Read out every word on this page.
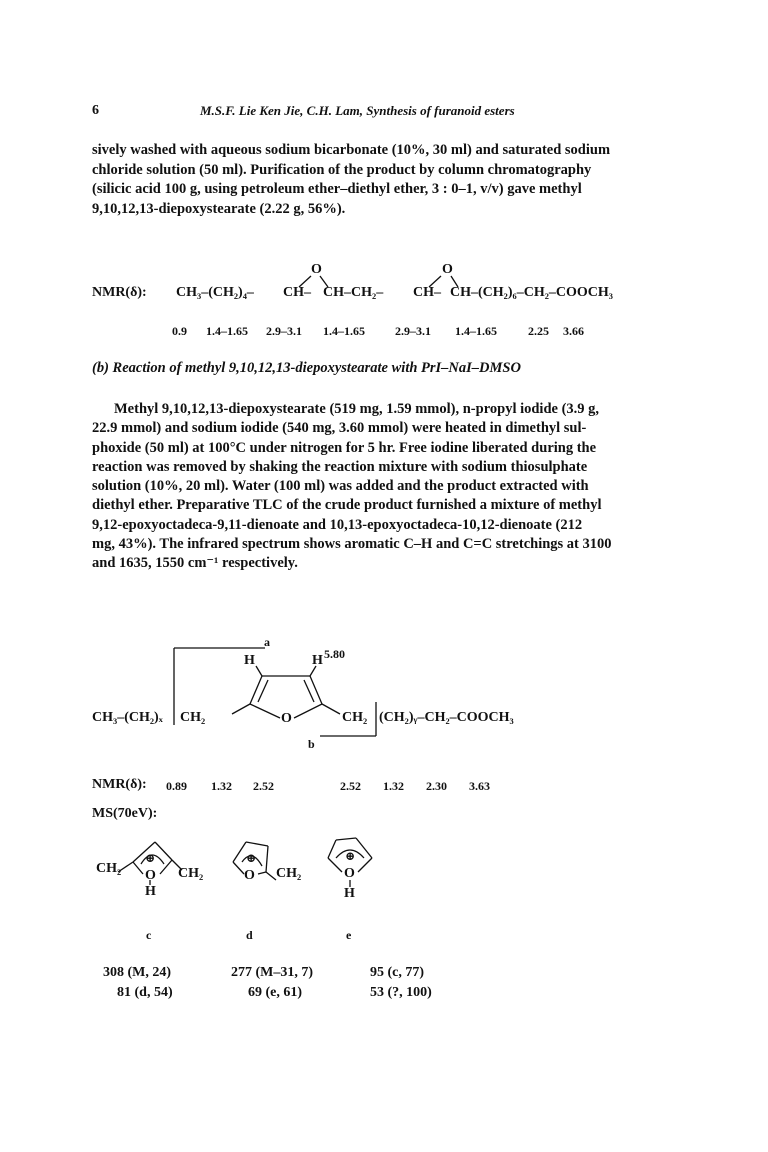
6	M.S.F. Lie Ken Jie, C.H. Lam, Synthesis of furanoid esters
sively washed with aqueous sodium bicarbonate (10%, 30 ml) and saturated sodium
chloride solution (50 ml). Purification of the product by column chromatography
(silicic acid 100 g, using petroleum ether–diethyl ether, 3 : 0–1, v/v) gave methyl
9,10,12,13-diepoxystearate (2.22 g, 56%).
NMR(δ): CH₃–(CH₂)₄– CH– CH–CH₂– CH– CH–(CH₂)₆–CH₂–COOCH₃
O	O
0.9 1.4–1.65 2.9–3.1 1.4–1.65	2.9–3.1 1.4–1.65	2.25 3.66
(b) Reaction of methyl 9,10,12,13-diepoxystearate with PrI–NaI–DMSO
Methyl 9,10,12,13-diepoxystearate (519 mg, 1.59 mmol), n-propyl iodide (3.9 g,
22.9 mmol) and sodium iodide (540 mg, 3.60 mmol) were heated in dimethyl sul-
phoxide (50 ml) at 100°C under nitrogen for 5 hr. Free iodine liberated during the
reaction was removed by shaking the reaction mixture with sodium thiosulphate
solution (10%, 20 ml). Water (100 ml) was added and the product extracted with
diethyl ether. Preparative TLC of the crude product furnished a mixture of methyl
9,12-epoxyoctadeca-9,11-dienoate and 10,13-epoxyoctadeca-10,12-dienoate (212
mg, 43%). The infrared spectrum shows aromatic C–H and C=C stretchings at 3100
and 1635, 1550 cm⁻¹ respectively.
a
b
H	H 5.80
O
CH₃–(CH₂)ₓ CH₂	CH₂ (CH₂)ᵧ–CH₂–COOCH₃
NMR(δ): 0.89 1.32 2.52	2.52 1.32 2.30 3.63
MS(70eV):
CH₂	CH₂
O
⊕
H
c
CH₂
O
⊕
d
O
⊕
H
e
308 (M, 24)	277 (M–31, 7)	95 (c, 77)
81 (d, 54)	69 (e, 61)	53 (?, 100)
